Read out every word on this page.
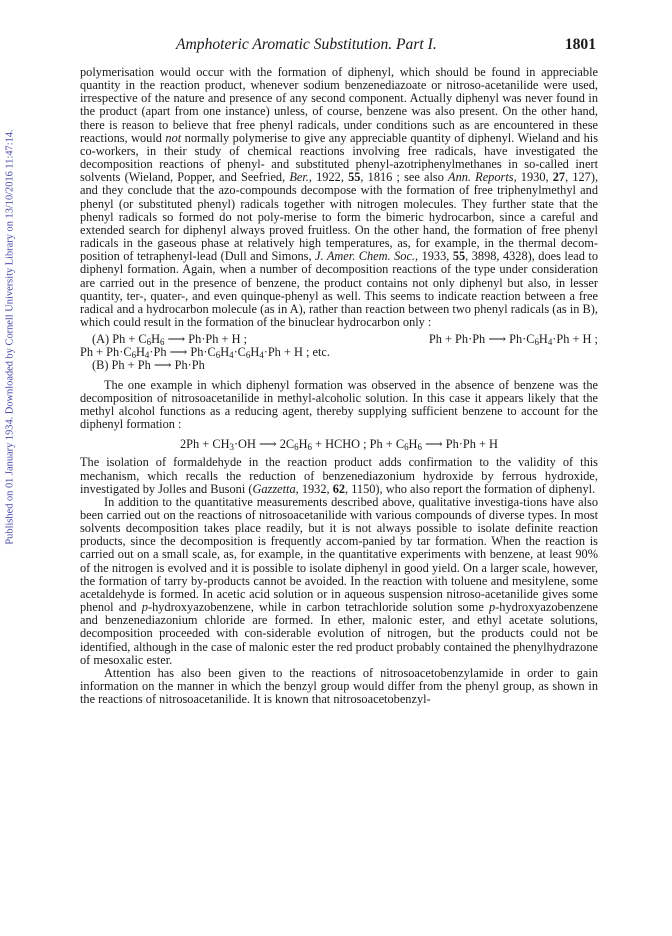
Published on 01 January 1934. Downloaded by Cornell University Library on 13/10/2016 11:47:14.
Amphoteric Aromatic Substitution. Part I.	1801

polymerisation would occur with the formation of diphenyl, which should be found in appreciable quantity in the reaction product, whenever sodium benzenediazoate or nitroso-acetanilide were used, irrespective of the nature and presence of any second component. Actually diphenyl was never found in the product (apart from one instance) unless, of course, benzene was also present. On the other hand, there is reason to believe that free phenyl radicals, under conditions such as are encountered in these reactions, would not normally polymerise to give any appreciable quantity of diphenyl. Wieland and his co-workers, in their study of chemical reactions involving free radicals, have investigated the decomposition reactions of phenyl- and substituted phenyl-azotriphenylmethanes in so-called inert solvents (Wieland, Popper, and Seefried, Ber., 1922, 55, 1816 ; see also Ann. Reports, 1930, 27, 127), and they conclude that the azo-compounds decompose with the formation of free triphenylmethyl and phenyl (or substituted phenyl) radicals together with nitrogen molecules. They further state that the phenyl radicals so formed do not poly-merise to form the bimeric hydrocarbon, since a careful and extended search for diphenyl always proved fruitless. On the other hand, the formation of free phenyl radicals in the gaseous phase at relatively high temperatures, as, for example, in the thermal decom-position of tetraphenyl-lead (Dull and Simons, J. Amer. Chem. Soc., 1933, 55, 3898, 4328), does lead to diphenyl formation. Again, when a number of decomposition reactions of the type under consideration are carried out in the presence of benzene, the product contains not only diphenyl but also, in lesser quantity, ter-, quater-, and even quinque-phenyl as well. This seems to indicate reaction between a free radical and a hydrocarbon molecule (as in A), rather than reaction between two phenyl radicals (as in B), which could result in the formation of the binuclear hydrocarbon only :

(A) $Ph + C_6H_6$ ⟶ Ph·Ph + H ;	Ph + Ph·Ph ⟶ $Ph\cdot C_6H_4\cdot Ph + H$ ;
$Ph + Ph\cdot C_6H_4\cdot Ph$ ⟶ $Ph\cdot C_6H_4\cdot C_6H_4\cdot Ph + H$ ; etc.
(B) Ph + Ph ⟶ Ph·Ph

The one example in which diphenyl formation was observed in the absence of benzene was the decomposition of nitrosoacetanilide in methyl-alcoholic solution. In this case it appears likely that the methyl alcohol functions as a reducing agent, thereby supplying sufficient benzene to account for the diphenyl formation :

$2Ph + CH_3\cdot OH$ ⟶ $2C_6H_6$ + HCHO ; $Ph + C_6H_6$ ⟶ Ph·Ph + H

The isolation of formaldehyde in the reaction product adds confirmation to the validity of this mechanism, which recalls the reduction of benzenediazonium hydroxide by ferrous hydroxide, investigated by Jolles and Busoni (Gazzetta, 1932, 62, 1150), who also report the formation of diphenyl.

In addition to the quantitative measurements described above, qualitative investiga-tions have also been carried out on the reactions of nitrosoacetanilide with various compounds of diverse types. In most solvents decomposition takes place readily, but it is not always possible to isolate definite reaction products, since the decomposition is frequently accom-panied by tar formation. When the reaction is carried out on a small scale, as, for example, in the quantitative experiments with benzene, at least 90% of the nitrogen is evolved and it is possible to isolate diphenyl in good yield. On a larger scale, however, the formation of tarry by-products cannot be avoided. In the reaction with toluene and mesitylene, some acetaldehyde is formed. In acetic acid solution or in aqueous suspension nitroso-acetanilide gives some phenol and p-hydroxyazobenzene, while in carbon tetrachloride solution some p-hydroxyazobenzene and benzenediazonium chloride are formed. In ether, malonic ester, and ethyl acetate solutions, decomposition proceeded with con-siderable evolution of nitrogen, but the products could not be identified, although in the case of malonic ester the red product probably contained the phenylhydrazone of mesoxalic ester.

Attention has also been given to the reactions of nitrosoacetobenzylamide in order to gain information on the manner in which the benzyl group would differ from the phenyl group, as shown in the reactions of nitrosoacetanilide. It is known that nitrosoacetobenzyl-
